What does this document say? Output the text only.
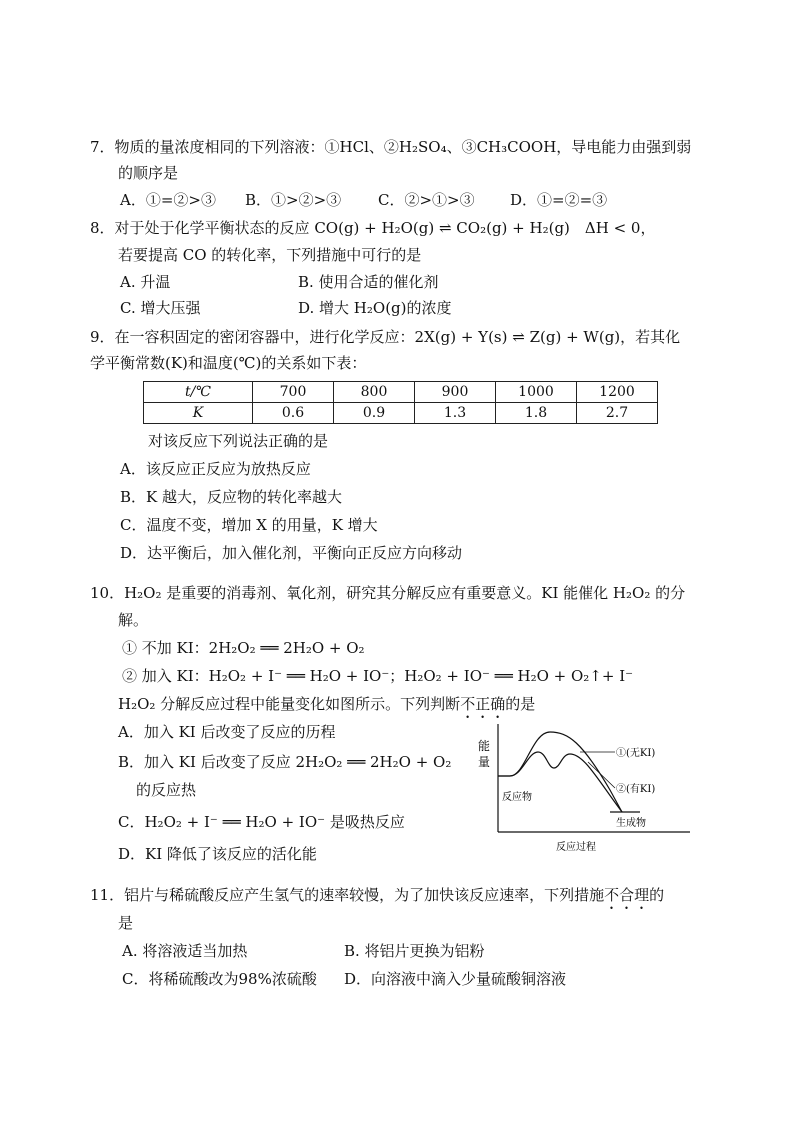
7．物质的量浓度相同的下列溶液：①HCl、②H₂SO₄、③CH₃COOH，导电能力由强到弱
的顺序是
A．①=②>③ B．①>②>③ C．②>①>③ D．①=②=③
8．对于处于化学平衡状态的反应 CO(g) + H₂O(g) ⇌ CO₂(g) + H₂(g)　ΔH < 0，
若要提高 CO 的转化率，下列措施中可行的是
A. 升温	B. 使用合适的催化剂
C. 增大压强	D. 增大 H₂O(g)的浓度
9．在一容积固定的密闭容器中，进行化学反应：2X(g) + Y(s) ⇌ Z(g) + W(g)，若其化
学平衡常数(K)和温度(℃)的关系如下表：
t/℃	700	800	900	1000	1200
K	0.6	0.9	1.3	1.8	2.7
对该反应下列说法正确的是
A．该反应正反应为放热反应
B．K 越大，反应物的转化率越大
C．温度不变，增加 X 的用量，K 增大
D．达平衡后，加入催化剂，平衡向正反应方向移动
10．H₂O₂ 是重要的消毒剂、氧化剂，研究其分解反应有重要意义。KI 能催化 H₂O₂ 的分
解。
① 不加 KI：2H₂O₂ ══ 2H₂O + O₂
② 加入 KI：H₂O₂ + I⁻ ══ H₂O + IO⁻；H₂O₂ + IO⁻ ══ H₂O + O₂↑+ I⁻
H₂O₂ 分解反应过程中能量变化如图所示。下列判断不正确的是
A．加入 KI 后改变了反应的历程
B．加入 KI 后改变了反应 2H₂O₂ ══ 2H₂O + O₂
的反应热
C．H₂O₂ + I⁻ ══ H₂O + IO⁻ 是吸热反应
D．KI 降低了该反应的活化能
能量
①(无KI)
②(有KI)
反应物
生成物
反应过程
11．铝片与稀硫酸反应产生氢气的速率较慢，为了加快该反应速率，下列措施不合理的
是
A. 将溶液适当加热	B. 将铝片更换为铝粉
C．将稀硫酸改为98%浓硫酸 D．向溶液中滴入少量硫酸铜溶液
